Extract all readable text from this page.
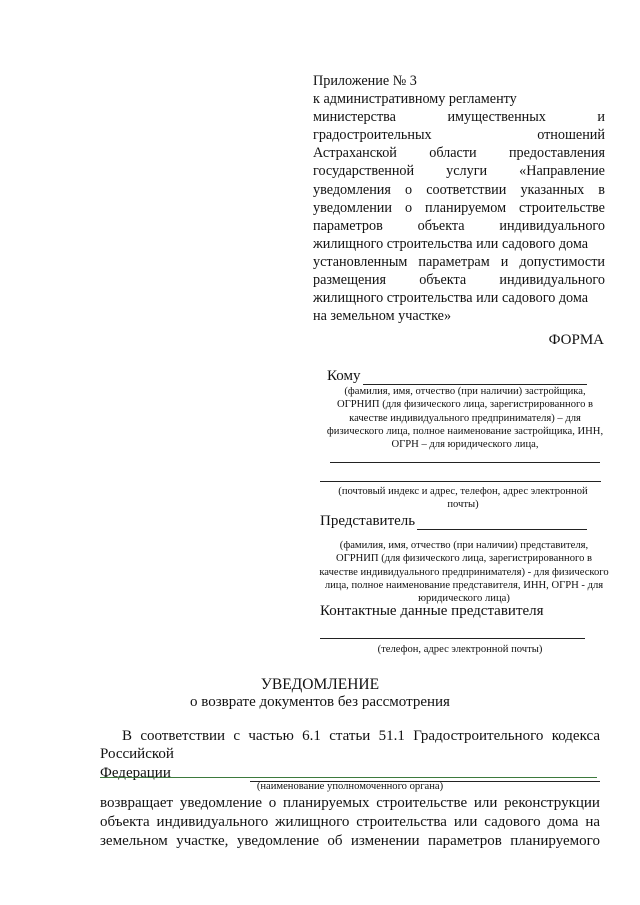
Приложение № 3
к административному регламенту
министерства	имущественных	и
градостроительных	отношений
Астраханской области предоставления
государственной услуги «Направление
уведомления о соответствии указанных в
уведомлении о планируемом строительстве
параметров объекта индивидуального
жилищного строительства или садового дома
установленным параметрам и допустимости
размещения объекта индивидуального
жилищного строительства или садового дома
на земельном участке»
ФОРМА
Кому
(фамилия, имя, отчество (при наличии) застройщика, ОГРНИП (для физического лица, зарегистрированного в качестве индивидуального предпринимателя) – для физического лица, полное наименование застройщика, ИНН, ОГРН – для юридического лица,
(почтовый индекс и адрес, телефон, адрес электронной почты)
Представитель
(фамилия, имя, отчество (при наличии) представителя, ОГРНИП (для физического лица, зарегистрированного в качестве индивидуального предпринимателя) - для физического лица, полное наименование представителя, ИНН, ОГРН - для юридического лица)
Контактные данные представителя
(телефон, адрес электронной почты)
УВЕДОМЛЕНИЕ
о возврате документов без рассмотрения
В соответствии с частью 6.1 статьи 51.1 Градостроительного кодекса
Российской Федерации
(наименование уполномоченного органа)
возвращает уведомление о планируемых строительстве или реконструкции
объекта индивидуального жилищного строительства или садового дома на
земельном участке, уведомление об изменении параметров планируемого
